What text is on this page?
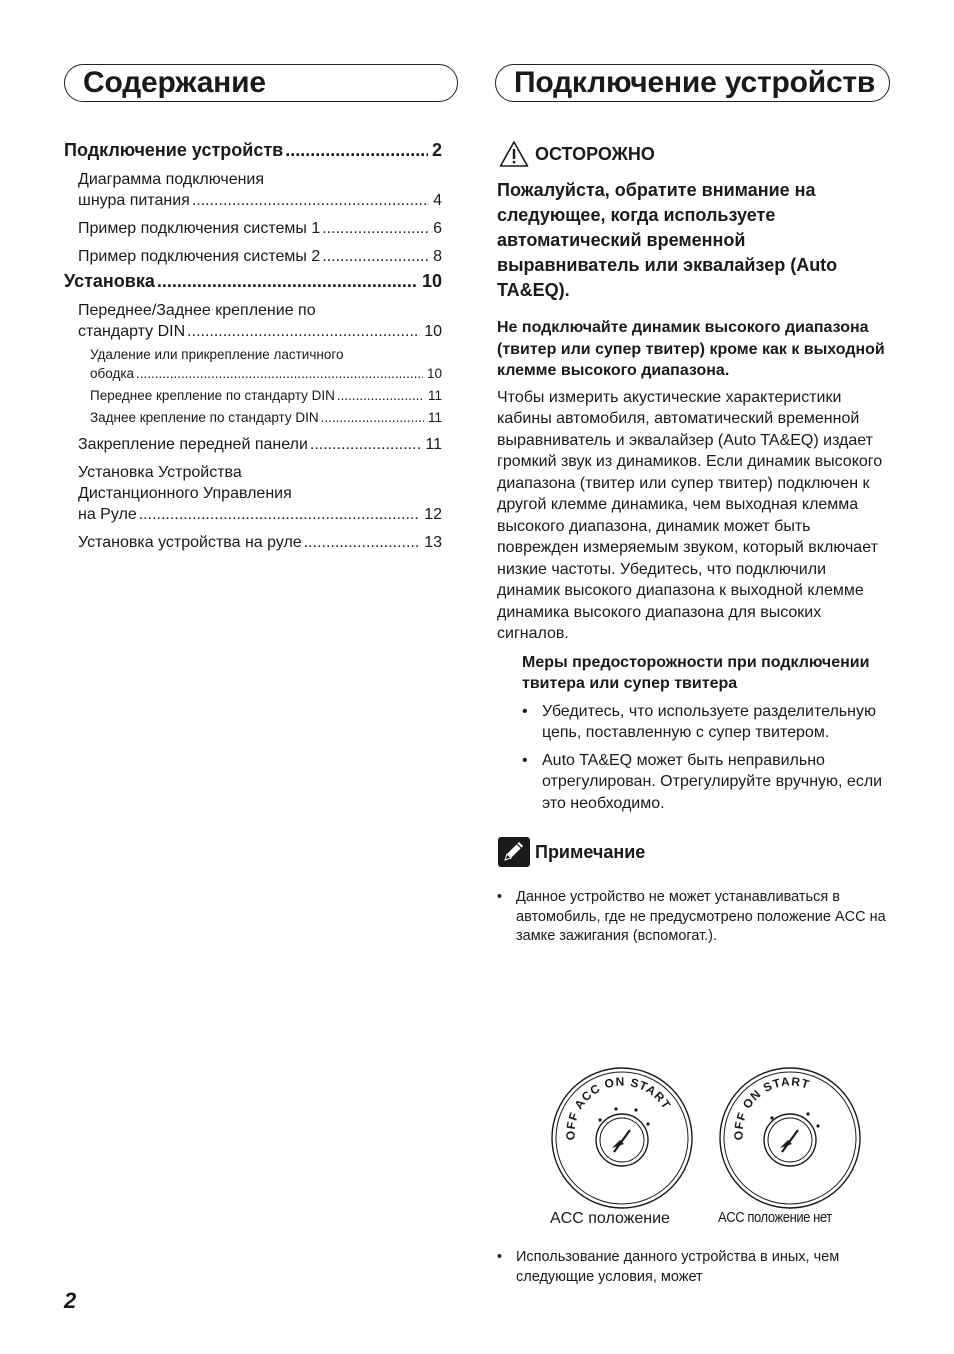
Содержание	Подключение устройств
Подключение устройств .....	2
Диаграмма подключения
шнура питания .....	4
Пример подключения системы 1 .....	6
Пример подключения системы 2 .....	8
Установка .....	10
Переднее/Заднее крепление по
стандарту DIN .....	10
Удаление или прикрепление ластичного
ободка .....	10
Переднее крепление по стандарту DIN .....	11
Заднее крепление по стандарту DIN .....	11
Закрепление передней панели .....	11
Установка Устройства
Дистанционного Управления
на Руле .....	12
Установка устройства на руле .....	13
ОСТОРОЖНО
Пожалуйста, обратите внимание на следующее, когда используете автоматический временной выравниватель или эквалайзер (Auto TA&EQ).
Не подключайте динамик высокого диапазона (твитер или супер твитер) кроме как к выходной клемме высокого диапазона.
Чтобы измерить акустические характеристики кабины автомобиля, автоматический временной выравниватель и эквалайзер (Auto TA&EQ) издает громкий звук из динамиков. Если динамик высокого диапазона (твитер или супер твитер) подключен к другой клемме динамика, чем выходная клемма высокого диапазона, динамик может быть поврежден измеряемым звуком, который включает низкие частоты. Убедитесь, что подключили динамик высокого диапазона к выходной клемме динамика высокого диапазона для высоких сигналов.
Меры предосторожности при подключении твитера или супер твитера
• Убедитесь, что используете разделительную цепь, поставленную с супер твитером.
• Auto TA&EQ может быть неправильно отрегулирован. Отрегулируйте вручную, если это необходимо.
Примечание
• Данное устройство не может устанавливаться в автомобиль, где не предусмотрено положение ACC на замке зажигания (вспомогат.).
OFF ACC ON START
OFF ON START
ACC положение	ACC положение нет
• Использование данного устройства в иных, чем следующие условия, может
2
